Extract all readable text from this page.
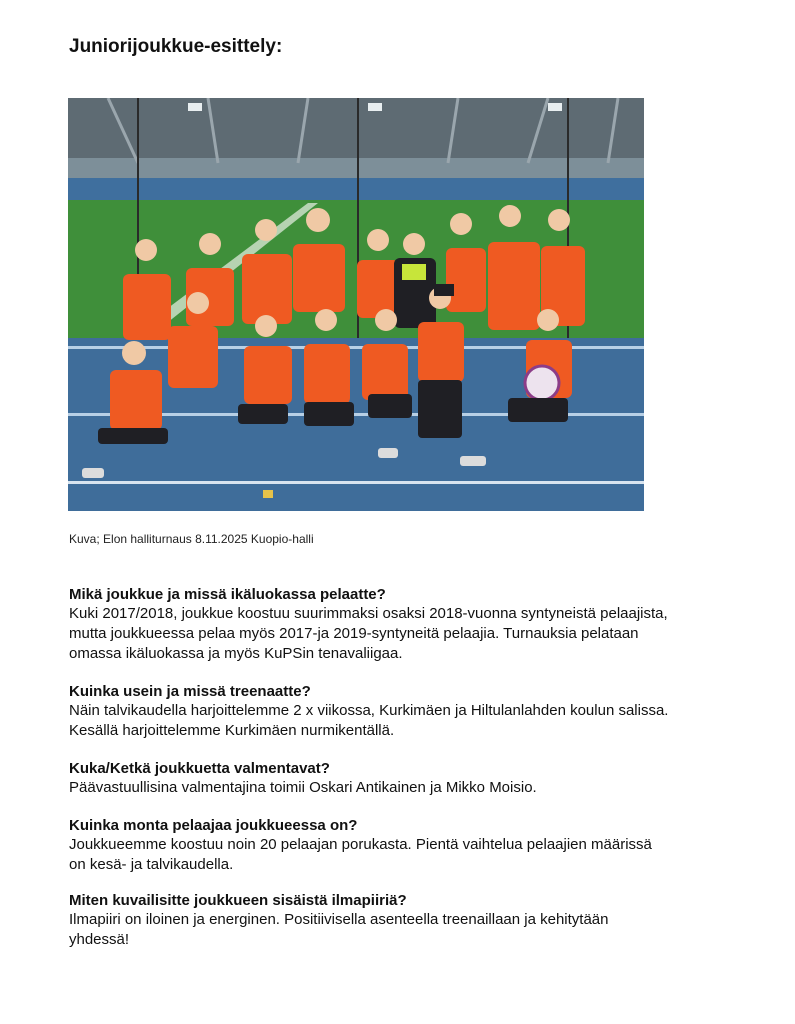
Juniorijoukkue-esittely:
Kuva; Elon halliturnaus 8.11.2025 Kuopio-halli
Mikä joukkue ja missä ikäluokassa pelaatte?

Kuki 2017/2018, joukkue koostuu suurimmaksi osaksi 2018-vuonna syntyneistä pelaajista,

mutta joukkueessa pelaa myös 2017-ja 2019-syntyneitä pelaajia. Turnauksia pelataan

omassa ikäluokassa ja myös KuPSin tenavaliigaa.

Kuinka usein ja missä treenaatte?

Näin talvikaudella harjoittelemme 2 x viikossa, Kurkimäen ja Hiltulanlahden koulun salissa.

Kesällä harjoittelemme Kurkimäen nurmikentällä.

Kuka/Ketkä joukkuetta valmentavat?

Päävastuullisina valmentajina toimii Oskari Antikainen ja Mikko Moisio.

Kuinka monta pelaajaa joukkueessa on?

Joukkueemme koostuu noin 20 pelaajan porukasta. Pientä vaihtelua pelaajien määrissä

on kesä- ja talvikaudella.

Miten kuvailisitte joukkueen sisäistä ilmapiiriä?

Ilmapiiri on iloinen ja energinen. Positiivisella asenteella treenaillaan ja kehitytään

yhdessä!
